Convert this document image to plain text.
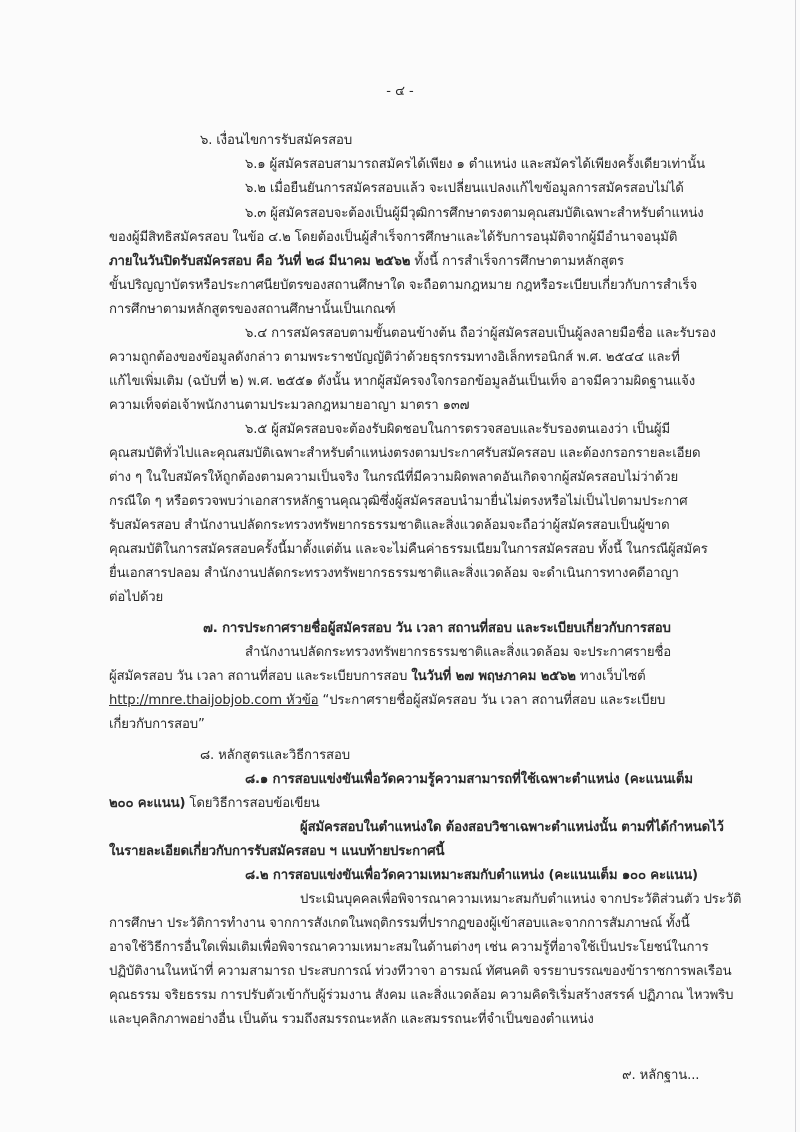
- ๔ -
๖. เงื่อนไขการรับสมัครสอบ
๖.๑ ผู้สมัครสอบสามารถสมัครได้เพียง ๑ ตำแหน่ง และสมัครได้เพียงครั้งเดียวเท่านั้น
๖.๒ เมื่อยืนยันการสมัครสอบแล้ว จะเปลี่ยนแปลงแก้ไขข้อมูลการสมัครสอบไม่ได้
๖.๓ ผู้สมัครสอบจะต้องเป็นผู้มีวุฒิการศึกษาตรงตามคุณสมบัติเฉพาะสำหรับตำแหน่ง
ของผู้มีสิทธิสมัครสอบ ในข้อ ๔.๒ โดยต้องเป็นผู้สำเร็จการศึกษาและได้รับการอนุมัติจากผู้มีอำนาจอนุมัติ
ภายในวันปิดรับสมัครสอบ คือ วันที่ ๒๘ มีนาคม ๒๕๖๒ ทั้งนี้ การสำเร็จการศึกษาตามหลักสูตร
ขั้นปริญญาบัตรหรือประกาศนียบัตรของสถานศึกษาใด จะถือตามกฎหมาย กฎหรือระเบียบเกี่ยวกับการสำเร็จ
การศึกษาตามหลักสูตรของสถานศึกษานั้นเป็นเกณฑ์
๖.๔ การสมัครสอบตามขั้นตอนข้างต้น ถือว่าผู้สมัครสอบเป็นผู้ลงลายมือชื่อ และรับรอง
ความถูกต้องของข้อมูลดังกล่าว ตามพระราชบัญญัติว่าด้วยธุรกรรมทางอิเล็กทรอนิกส์ พ.ศ. ๒๕๔๔ และที่
แก้ไขเพิ่มเติม (ฉบับที่ ๒) พ.ศ. ๒๕๕๑ ดังนั้น หากผู้สมัครจงใจกรอกข้อมูลอันเป็นเท็จ อาจมีความผิดฐานแจ้ง
ความเท็จต่อเจ้าพนักงานตามประมวลกฎหมายอาญา มาตรา ๑๓๗
๖.๕ ผู้สมัครสอบจะต้องรับผิดชอบในการตรวจสอบและรับรองตนเองว่า เป็นผู้มี
คุณสมบัติทั่วไปและคุณสมบัติเฉพาะสำหรับตำแหน่งตรงตามประกาศรับสมัครสอบ และต้องกรอกรายละเอียด
ต่าง ๆ ในใบสมัครให้ถูกต้องตามความเป็นจริง ในกรณีที่มีความผิดพลาดอันเกิดจากผู้สมัครสอบไม่ว่าด้วย
กรณีใด ๆ หรือตรวจพบว่าเอกสารหลักฐานคุณวุฒิซึ่งผู้สมัครสอบนำมายื่นไม่ตรงหรือไม่เป็นไปตามประกาศ
รับสมัครสอบ สำนักงานปลัดกระทรวงทรัพยากรธรรมชาติและสิ่งแวดล้อมจะถือว่าผู้สมัครสอบเป็นผู้ขาด
คุณสมบัติในการสมัครสอบครั้งนี้มาตั้งแต่ต้น และจะไม่คืนค่าธรรมเนียมในการสมัครสอบ ทั้งนี้ ในกรณีผู้สมัคร
ยื่นเอกสารปลอม สำนักงานปลัดกระทรวงทรัพยากรธรรมชาติและสิ่งแวดล้อม จะดำเนินการทางคดีอาญา
ต่อไปด้วย
๗. การประกาศรายชื่อผู้สมัครสอบ วัน เวลา สถานที่สอบ และระเบียบเกี่ยวกับการสอบ
สำนักงานปลัดกระทรวงทรัพยากรธรรมชาติและสิ่งแวดล้อม จะประกาศรายชื่อ
ผู้สมัครสอบ วัน เวลา สถานที่สอบ และระเบียบการสอบ ในวันที่ ๒๗ พฤษภาคม ๒๕๖๒ ทางเว็บไซต์
http://mnre.thaijobjob.com หัวข้อ “ประกาศรายชื่อผู้สมัครสอบ วัน เวลา สถานที่สอบ และระเบียบ
เกี่ยวกับการสอบ”
๘. หลักสูตรและวิธีการสอบ
๘.๑ การสอบแข่งขันเพื่อวัดความรู้ความสามารถที่ใช้เฉพาะตำแหน่ง (คะแนนเต็ม
๒๐๐ คะแนน) โดยวิธีการสอบข้อเขียน
ผู้สมัครสอบในตำแหน่งใด ต้องสอบวิชาเฉพาะตำแหน่งนั้น ตามที่ได้กำหนดไว้
ในรายละเอียดเกี่ยวกับการรับสมัครสอบ ฯ แนบท้ายประกาศนี้
๘.๒ การสอบแข่งขันเพื่อวัดความเหมาะสมกับตำแหน่ง (คะแนนเต็ม ๑๐๐ คะแนน)
ประเมินบุคคลเพื่อพิจารณาความเหมาะสมกับตำแหน่ง จากประวัติส่วนตัว ประวัติ
การศึกษา ประวัติการทำงาน จากการสังเกตในพฤติกรรมที่ปรากฏของผู้เข้าสอบและจากการสัมภาษณ์ ทั้งนี้
อาจใช้วิธีการอื่นใดเพิ่มเติมเพื่อพิจารณาความเหมาะสมในด้านต่างๆ เช่น ความรู้ที่อาจใช้เป็นประโยชน์ในการ
ปฏิบัติงานในหน้าที่ ความสามารถ ประสบการณ์ ท่วงทีวาจา อารมณ์ ทัศนคติ จรรยาบรรณของข้าราชการพลเรือน
คุณธรรม จริยธรรม การปรับตัวเข้ากับผู้ร่วมงาน สังคม และสิ่งแวดล้อม ความคิดริเริ่มสร้างสรรค์ ปฏิภาณ ไหวพริบ
และบุคลิกภาพอย่างอื่น เป็นต้น รวมถึงสมรรถนะหลัก และสมรรถนะที่จำเป็นของตำแหน่ง
๙. หลักฐาน...
